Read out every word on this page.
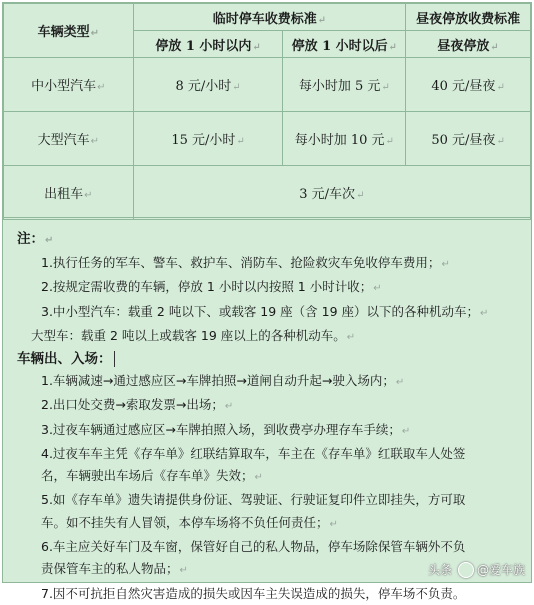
车辆类型↵	临时停车收费标准↵		昼夜停放收费标准
	停放 1 小时以内↵	停放 1 小时以后↵	昼夜停放↵
中小型汽车↵	8 元/小时↵	每小时加 5 元↵	40 元/昼夜↵
大型汽车↵	15 元/小时↵	每小时加 10 元↵	50 元/昼夜↵
出租车↵	3 元/车次↵		
注：↵
1.执行任务的军车、警车、救护车、消防车、抢险救灾车免收停车费用；↵
2.按规定需收费的车辆，停放 1 小时以内按照 1 小时计收；↵
3.中小型汽车：载重 2 吨以下、或载客 19 座（含 19 座）以下的各种机动车；↵
大型车：载重 2 吨以上或载客 19 座以上的各种机动车。↵
车辆出、入场：
1.车辆减速→通过感应区→车牌拍照→道闸自动升起→驶入场内；↵
2.出口处交费→索取发票→出场；↵
3.过夜车辆通过感应区→车牌拍照入场，到收费亭办理存车手续；↵
4.过夜车车主凭《存车单》红联结算取车，车主在《存车单》红联取车人处签
名，车辆驶出车场后《存车单》失效；↵
5.如《存车单》遗失请提供身份证、驾驶证、行驶证复印件立即挂失，方可取
车。如不挂失有人冒领，本停车场将不负任何责任；↵
6.车主应关好车门及车窗，保管好自己的私人物品，停车场除保管车辆外不负
责保管车主的私人物品；↵
7.因不可抗拒自然灾害造成的损失或因车主失误造成的损失，停车场不负责。
头条 @爱车族
